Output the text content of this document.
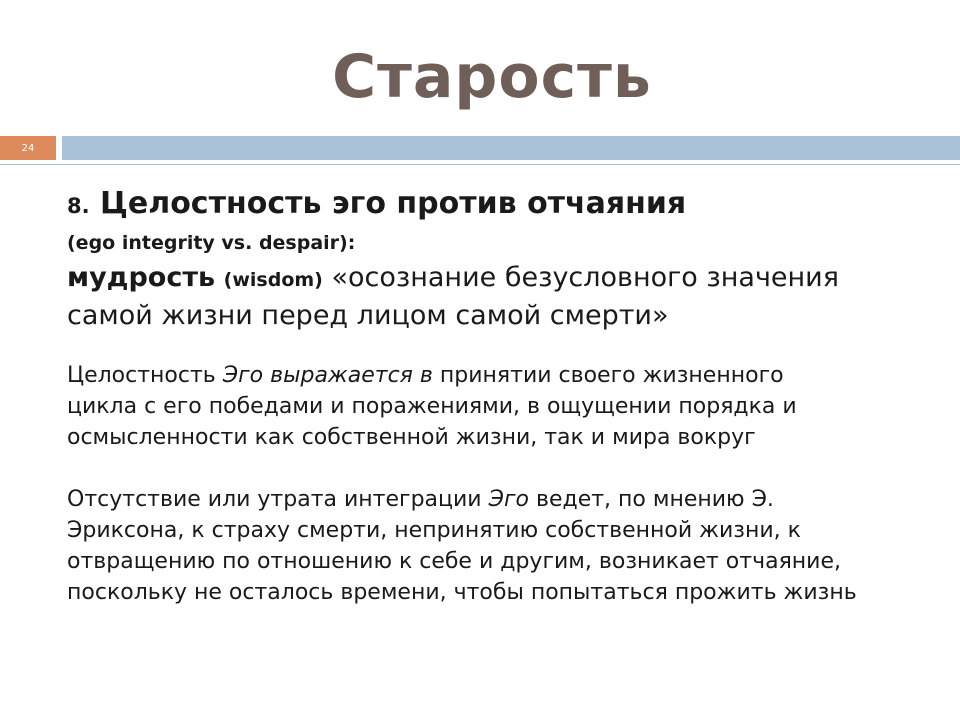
Старость
24
8. Целостность эго против отчаяния
(ego integrity vs. despair):
мудрость (wisdom) «осознание безусловного значения самой жизни перед лицом самой смерти»
Целостность Эго выражается в принятии своего жизненного цикла с его победами и поражениями, в ощущении порядка и осмысленности как собственной жизни, так и мира вокруг
Отсутствие или утрата интеграции Эго ведет, по мнению Э. Эриксона, к страху смерти, непринятию собственной жизни, к отвращению по отношению к себе и другим, возникает отчаяние, поскольку не осталось времени, чтобы попытаться прожить жизнь
